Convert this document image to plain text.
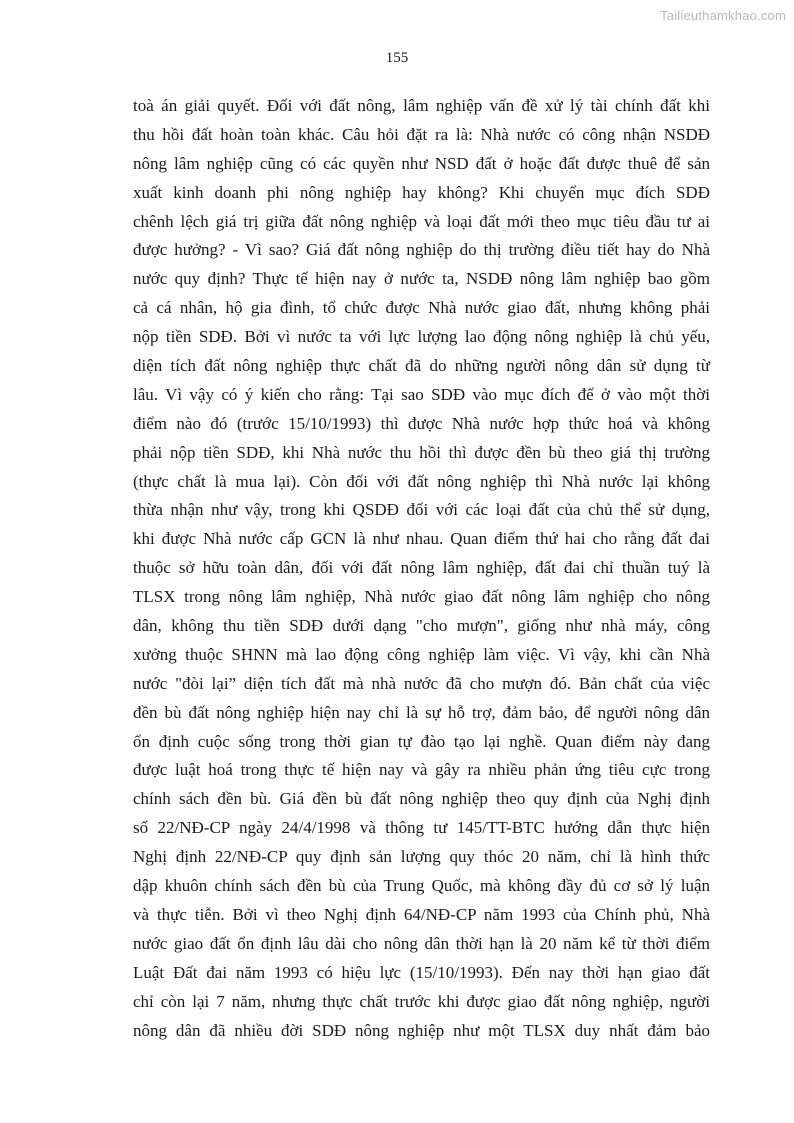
Tailieuthamkhao.com
155
toà án giải quyết. Đối với đất nông, lâm nghiệp vấn đề xử lý tài chính đất khi
thu hồi đất hoàn toàn khác. Câu hỏi đặt ra là: Nhà nước có công nhận NSDĐ
nông lâm nghiệp cũng có các quyền như NSD đất ở hoặc đất được thuê để sản
xuất kinh doanh phi nông nghiệp hay không? Khi chuyển mục đích SDĐ
chênh lệch giá trị giữa đất nông nghiệp và loại đất mới theo mục tiêu đầu tư ai
được hưởng? - Vì sao? Giá đất nông nghiệp do thị trường điều tiết hay do Nhà
nước quy định? Thực tế hiện nay ở nước ta, NSDĐ nông lâm nghiệp bao gồm
cả cá nhân, hộ gia đình, tổ chức được Nhà nước giao đất, nhưng không phải
nộp tiền SDĐ. Bởi vì nước ta với lực lượng lao động nông nghiệp là chủ yếu,
diện tích đất nông nghiệp thực chất đã do những người nông dân sử dụng từ
lâu. Vì vậy có ý kiến cho rằng: Tại sao SDĐ vào mục đích để ở vào một thời
điểm nào đó (trước 15/10/1993) thì được Nhà nước hợp thức hoá và không
phải nộp tiền SDĐ, khi Nhà nước thu hồi thì được đền bù theo giá thị trường
(thực chất là mua lại). Còn đối với đất nông nghiệp thì Nhà nước lại không
thừa nhận như vậy, trong khi QSDĐ đối với các loại đất của chủ thể sử dụng,
khi được Nhà nước cấp GCN là như nhau. Quan điểm thứ hai cho rằng đất đai
thuộc sở hữu toàn dân, đối với đất nông lâm nghiệp, đất đai chỉ thuần tuý là
TLSX trong nông lâm nghiệp, Nhà nước giao đất nông lâm nghiệp cho nông
dân, không thu tiền SDĐ dưới dạng "cho mượn", giống như nhà máy, công
xưởng thuộc SHNN mà lao động công nghiệp làm việc. Vì vậy, khi cần Nhà
nước "đòi lại” diện tích đất mà nhà nước đã cho mượn đó. Bản chất của việc
đền bù đất nông nghiệp hiện nay chỉ là sự hỗ trợ, đảm bảo, để người nông dân
ổn định cuộc sống trong thời gian tự đào tạo lại nghề. Quan điểm này đang
được luật hoá trong thực tế hiện nay và gây ra nhiều phản ứng tiêu cực trong
chính sách đền bù. Giá đền bù đất nông nghiệp theo quy định của Nghị định
số 22/NĐ-CP ngày 24/4/1998 và thông tư 145/TT-BTC hướng dẫn thực hiện
Nghị định 22/NĐ-CP quy định sản lượng quy thóc 20 năm, chỉ là hình thức
dập khuôn chính sách đền bù của Trung Quốc, mà không đầy đủ cơ sở lý luận
và thực tiễn. Bởi vì theo Nghị định 64/NĐ-CP năm 1993 của Chính phủ, Nhà
nước giao đất ổn định lâu dài cho nông dân thời hạn là 20 năm kể từ thời điểm
Luật Đất đai năm 1993 có hiệu lực (15/10/1993). Đến nay thời hạn giao đất
chỉ còn lại 7 năm, nhưng thực chất trước khi được giao đất nông nghiệp, người
nông dân đã nhiều đời SDĐ nông nghiệp như một TLSX duy nhất đảm bảo
